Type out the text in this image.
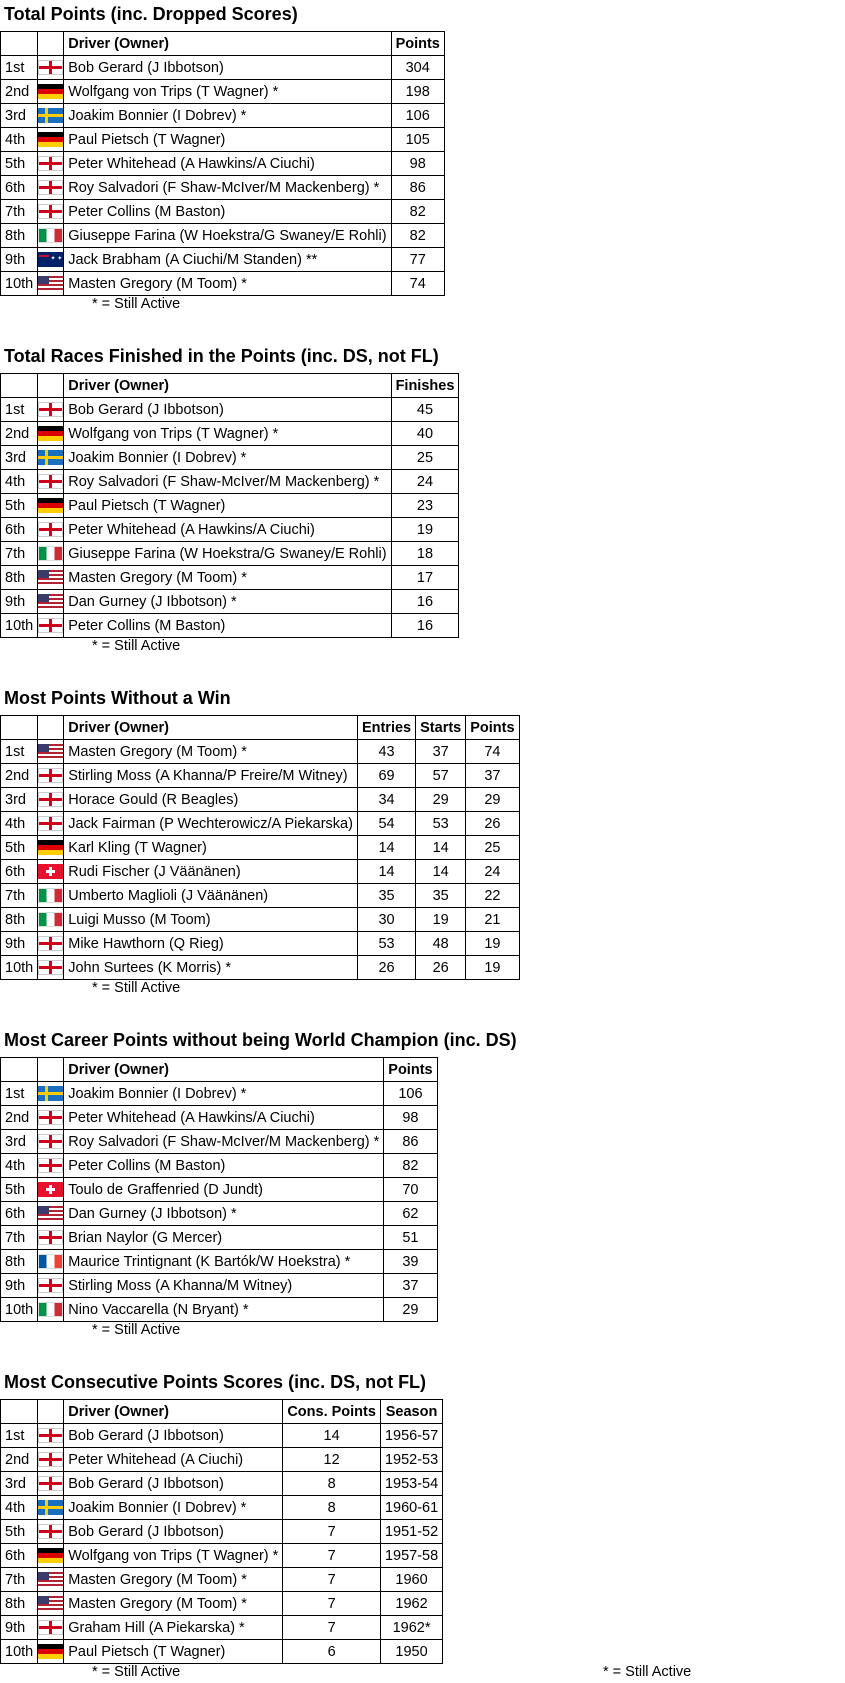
Total Points (inc. Dropped Scores)
		Driver (Owner)	Points
1st		Bob Gerard (J Ibbotson)	304
2nd		Wolfgang von Trips (T Wagner) *	198
3rd		Joakim Bonnier (I Dobrev) *	106
4th		Paul Pietsch (T Wagner)	105
5th		Peter Whitehead (A Hawkins/A Ciuchi)	98
6th		Roy Salvadori (F Shaw-McIver/M Mackenberg) *	86
7th		Peter Collins (M Baston)	82
8th		Giuseppe Farina (W Hoekstra/G Swaney/E Rohli)	82
9th	✦ ✦	Jack Brabham (A Ciuchi/M Standen) **	77
10th		Masten Gregory (M Toom) *	74
* = Still Active
Total Races Finished in the Points (inc. DS, not FL)
		Driver (Owner)	Finishes
1st		Bob Gerard (J Ibbotson)	45
2nd		Wolfgang von Trips (T Wagner) *	40
3rd		Joakim Bonnier (I Dobrev) *	25
4th		Roy Salvadori (F Shaw-McIver/M Mackenberg) *	24
5th		Paul Pietsch (T Wagner)	23
6th		Peter Whitehead (A Hawkins/A Ciuchi)	19
7th		Giuseppe Farina (W Hoekstra/G Swaney/E Rohli)	18
8th		Masten Gregory (M Toom) *	17
9th		Dan Gurney (J Ibbotson) *	16
10th		Peter Collins (M Baston)	16
* = Still Active
Most Points Without a Win
		Driver (Owner)	Entries	Starts	Points
1st		Masten Gregory (M Toom) *	43	37	74
2nd		Stirling Moss (A Khanna/P Freire/M Witney)	69	57	37
3rd		Horace Gould (R Beagles)	34	29	29
4th		Jack Fairman (P Wechterowicz/A Piekarska)	54	53	26
5th		Karl Kling (T Wagner)	14	14	25
6th		Rudi Fischer (J Väänänen)	14	14	24
7th		Umberto Maglioli (J Väänänen)	35	35	22
8th		Luigi Musso (M Toom)	30	19	21
9th		Mike Hawthorn (Q Rieg)	53	48	19
10th		John Surtees (K Morris) *	26	26	19
* = Still Active
Most Career Points without being World Champion (inc. DS)
		Driver (Owner)	Points
1st		Joakim Bonnier (I Dobrev) *	106
2nd		Peter Whitehead (A Hawkins/A Ciuchi)	98
3rd		Roy Salvadori (F Shaw-McIver/M Mackenberg) *	86
4th		Peter Collins (M Baston)	82
5th		Toulo de Graffenried (D Jundt)	70
6th		Dan Gurney (J Ibbotson) *	62
7th		Brian Naylor (G Mercer)	51
8th		Maurice Trintignant (K Bartók/W Hoekstra) *	39
9th		Stirling Moss (A Khanna/M Witney)	37
10th		Nino Vaccarella (N Bryant) *	29
* = Still Active
Most Consecutive Points Scores (inc. DS, not FL)
		Driver (Owner)	Cons. Points	Season
1st		Bob Gerard (J Ibbotson)	14	1956-57
2nd		Peter Whitehead (A Ciuchi)	12	1952-53
3rd		Bob Gerard (J Ibbotson)	8	1953-54
4th		Joakim Bonnier (I Dobrev) *	8	1960-61
5th		Bob Gerard (J Ibbotson)	7	1951-52
6th		Wolfgang von Trips (T Wagner) *	7	1957-58
7th		Masten Gregory (M Toom) *	7	1960
8th		Masten Gregory (M Toom) *	7	1962
9th		Graham Hill (A Piekarska) *	7	1962*
10th		Paul Pietsch (T Wagner)	6	1950
* = Still Active	* = Still Active
